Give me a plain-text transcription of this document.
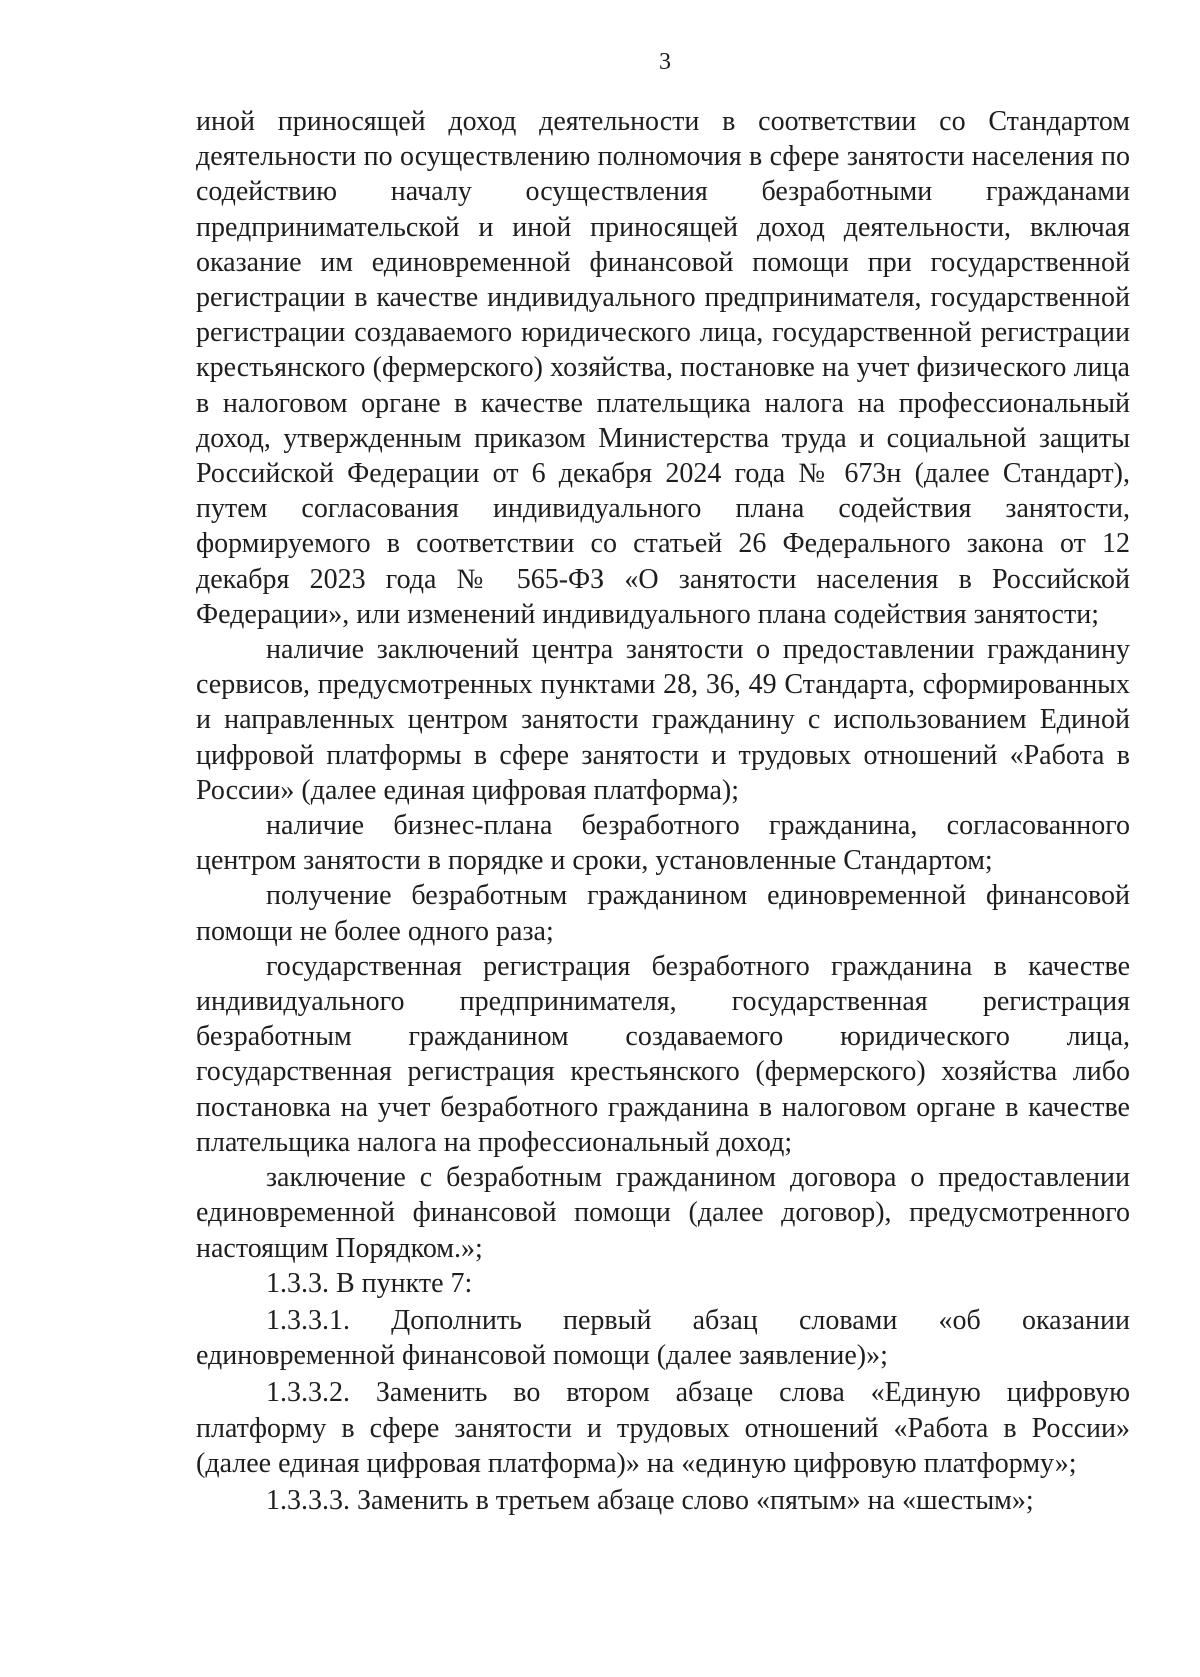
3

иной приносящей доход деятельности в соответствии со Стандартом деятельности по осуществлению полномочия в сфере занятости населения по содействию началу осуществления безработными гражданами предпринимательской и иной приносящей доход деятельности, включая оказание им единовременной финансовой помощи при государственной регистрации в качестве индивидуального предпринимателя, государственной регистрации создаваемого юридического лица, государственной регистрации крестьянского (фермерского) хозяйства, постановке на учет физического лица в налоговом органе в качестве плательщика налога на профессиональный доход, утвержденным приказом Министерства труда и социальной защиты Российской Федерации от 6 декабря 2024 года № 673н (далее Стандарт), путем согласования индивидуального плана содействия занятости, формируемого в соответствии со статьей 26 Федерального закона от 12 декабря 2023 года № 565-ФЗ «О занятости населения в Российской Федерации», или изменений индивидуального плана содействия занятости;

наличие заключений центра занятости о предоставлении гражданину сервисов, предусмотренных пунктами 28, 36, 49 Стандарта, сформированных и направленных центром занятости гражданину с использованием Единой цифровой платформы в сфере занятости и трудовых отношений «Работа в России» (далее единая цифровая платформа);

наличие бизнес-плана безработного гражданина, согласованного центром занятости в порядке и сроки, установленные Стандартом;

получение безработным гражданином единовременной финансовой помощи не более одного раза;

государственная регистрация безработного гражданина в качестве индивидуального предпринимателя, государственная регистрация безработным гражданином создаваемого юридического лица, государственная регистрация крестьянского (фермерского) хозяйства либо постановка на учет безработного гражданина в налоговом органе в качестве плательщика налога на профессиональный доход;

заключение с безработным гражданином договора о предоставлении единовременной финансовой помощи (далее договор), предусмотренного настоящим Порядком.»;

1.3.3. В пункте 7:

1.3.3.1. Дополнить первый абзац словами «об оказании единовременной финансовой помощи (далее заявление)»;

1.3.3.2. Заменить во втором абзаце слова «Единую цифровую платформу в сфере занятости и трудовых отношений «Работа в России» (далее единая цифровая платформа)» на «единую цифровую платформу»;

1.3.3.3. Заменить в третьем абзаце слово «пятым» на «шестым»;
